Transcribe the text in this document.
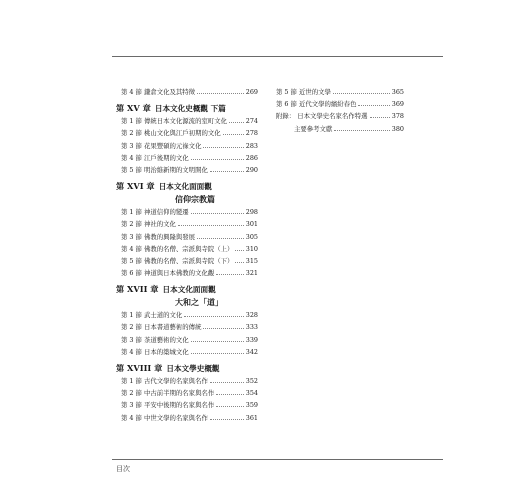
第 4 節 鎌倉文化及其特徵	269
第 XV 章  日本文化史概觀 下篇
第 1 節 傳統日本文化源流的室町文化	274
第 2 節 桃山文化與江戶初期的文化	278
第 3 節 花果豐碩的元祿文化	283
第 4 節 江戶後期的文化	286
第 5 節 明治維新期的文明開化	290
第 XVI 章  日本文化面面觀
信仰宗教篇
第 1 節 神道信仰的變遷	298
第 2 節 神社的文化	301
第 3 節 佛教的興隆與發展	305
第 4 節 佛教的名僧、宗派與寺院（上） 310
第 5 節 佛教的名僧、宗派與寺院（下） 315
第 6 節 神道與日本佛教的文化觀	321
第 XVII 章  日本文化面面觀
大和之「道」
第 1 節 武士道的文化	328
第 2 節 日本書道藝術的傳統	333
第 3 節 茶道藝術的文化	339
第 4 節 日本的築城文化	342
第 XVIII 章  日本文學史概觀
第 1 節 古代文學的名家與名作	352
第 2 節 中古前半期的名家與名作	354
第 3 節 平安中後期的名家與名作	359
第 4 節 中世文學的名家與名作	361
第 5 節 近世的文學	365
第 6 節 近代文學的繽紛春色	369
附錄： 日本文學史名家名作特選	378
主要參考文獻	380
目次
